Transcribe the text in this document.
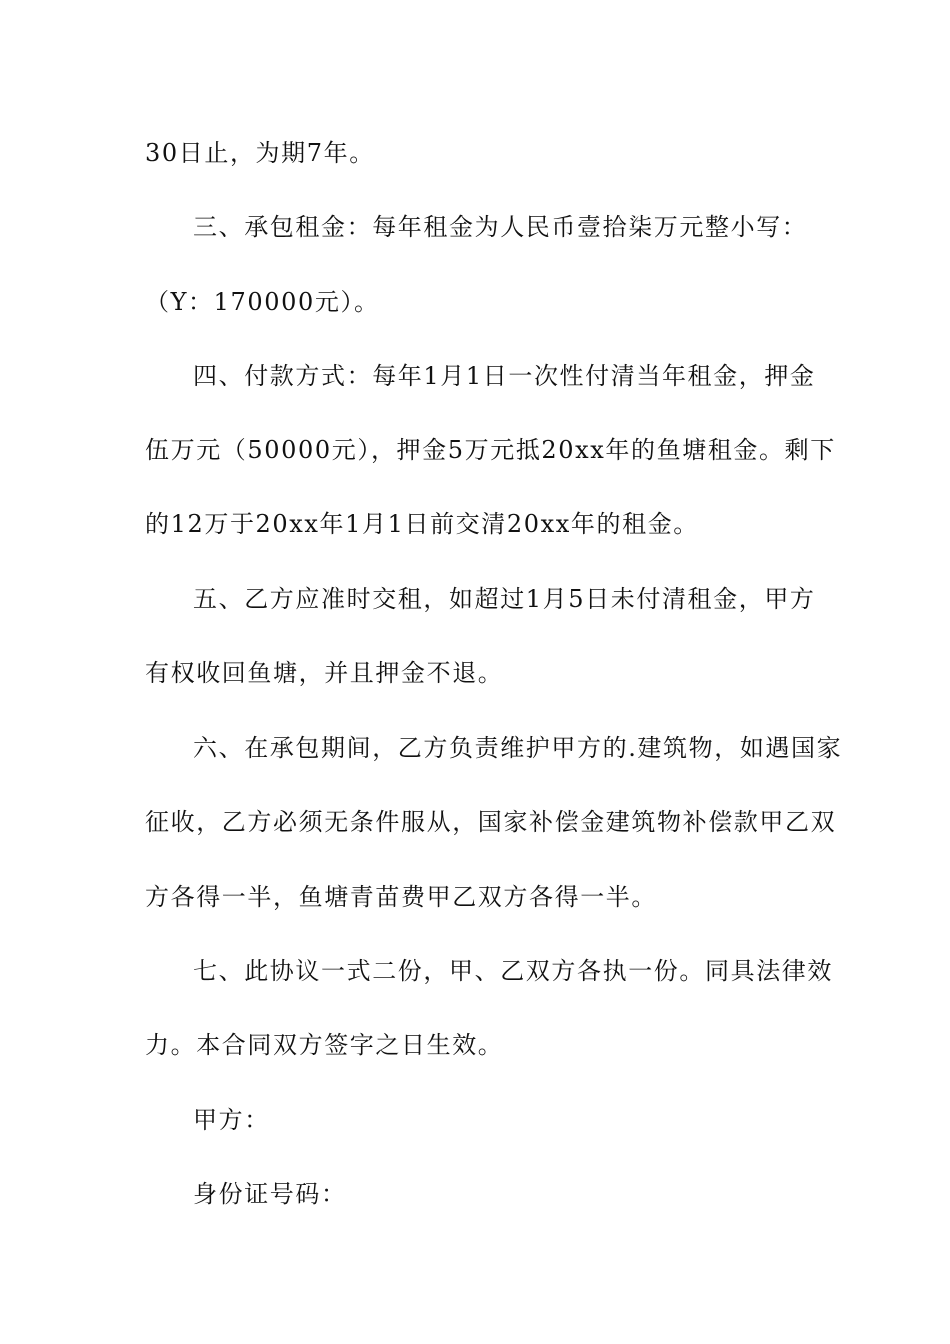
30日止，为期7年。
三、承包租金：每年租金为人民币壹拾柒万元整小写：
（Y：170000元）。
四、付款方式：每年1月1日一次性付清当年租金，押金
伍万元（50000元），押金5万元抵20xx年的鱼塘租金。剩下
的12万于20xx年1月1日前交清20xx年的租金。
五、乙方应准时交租，如超过1月5日未付清租金，甲方
有权收回鱼塘，并且押金不退。
六、在承包期间，乙方负责维护甲方的.建筑物，如遇国家
征收，乙方必须无条件服从，国家补偿金建筑物补偿款甲乙双
方各得一半，鱼塘青苗费甲乙双方各得一半。
七、此协议一式二份，甲、乙双方各执一份。同具法律效
力。本合同双方签字之日生效。
甲方：
身份证号码：
